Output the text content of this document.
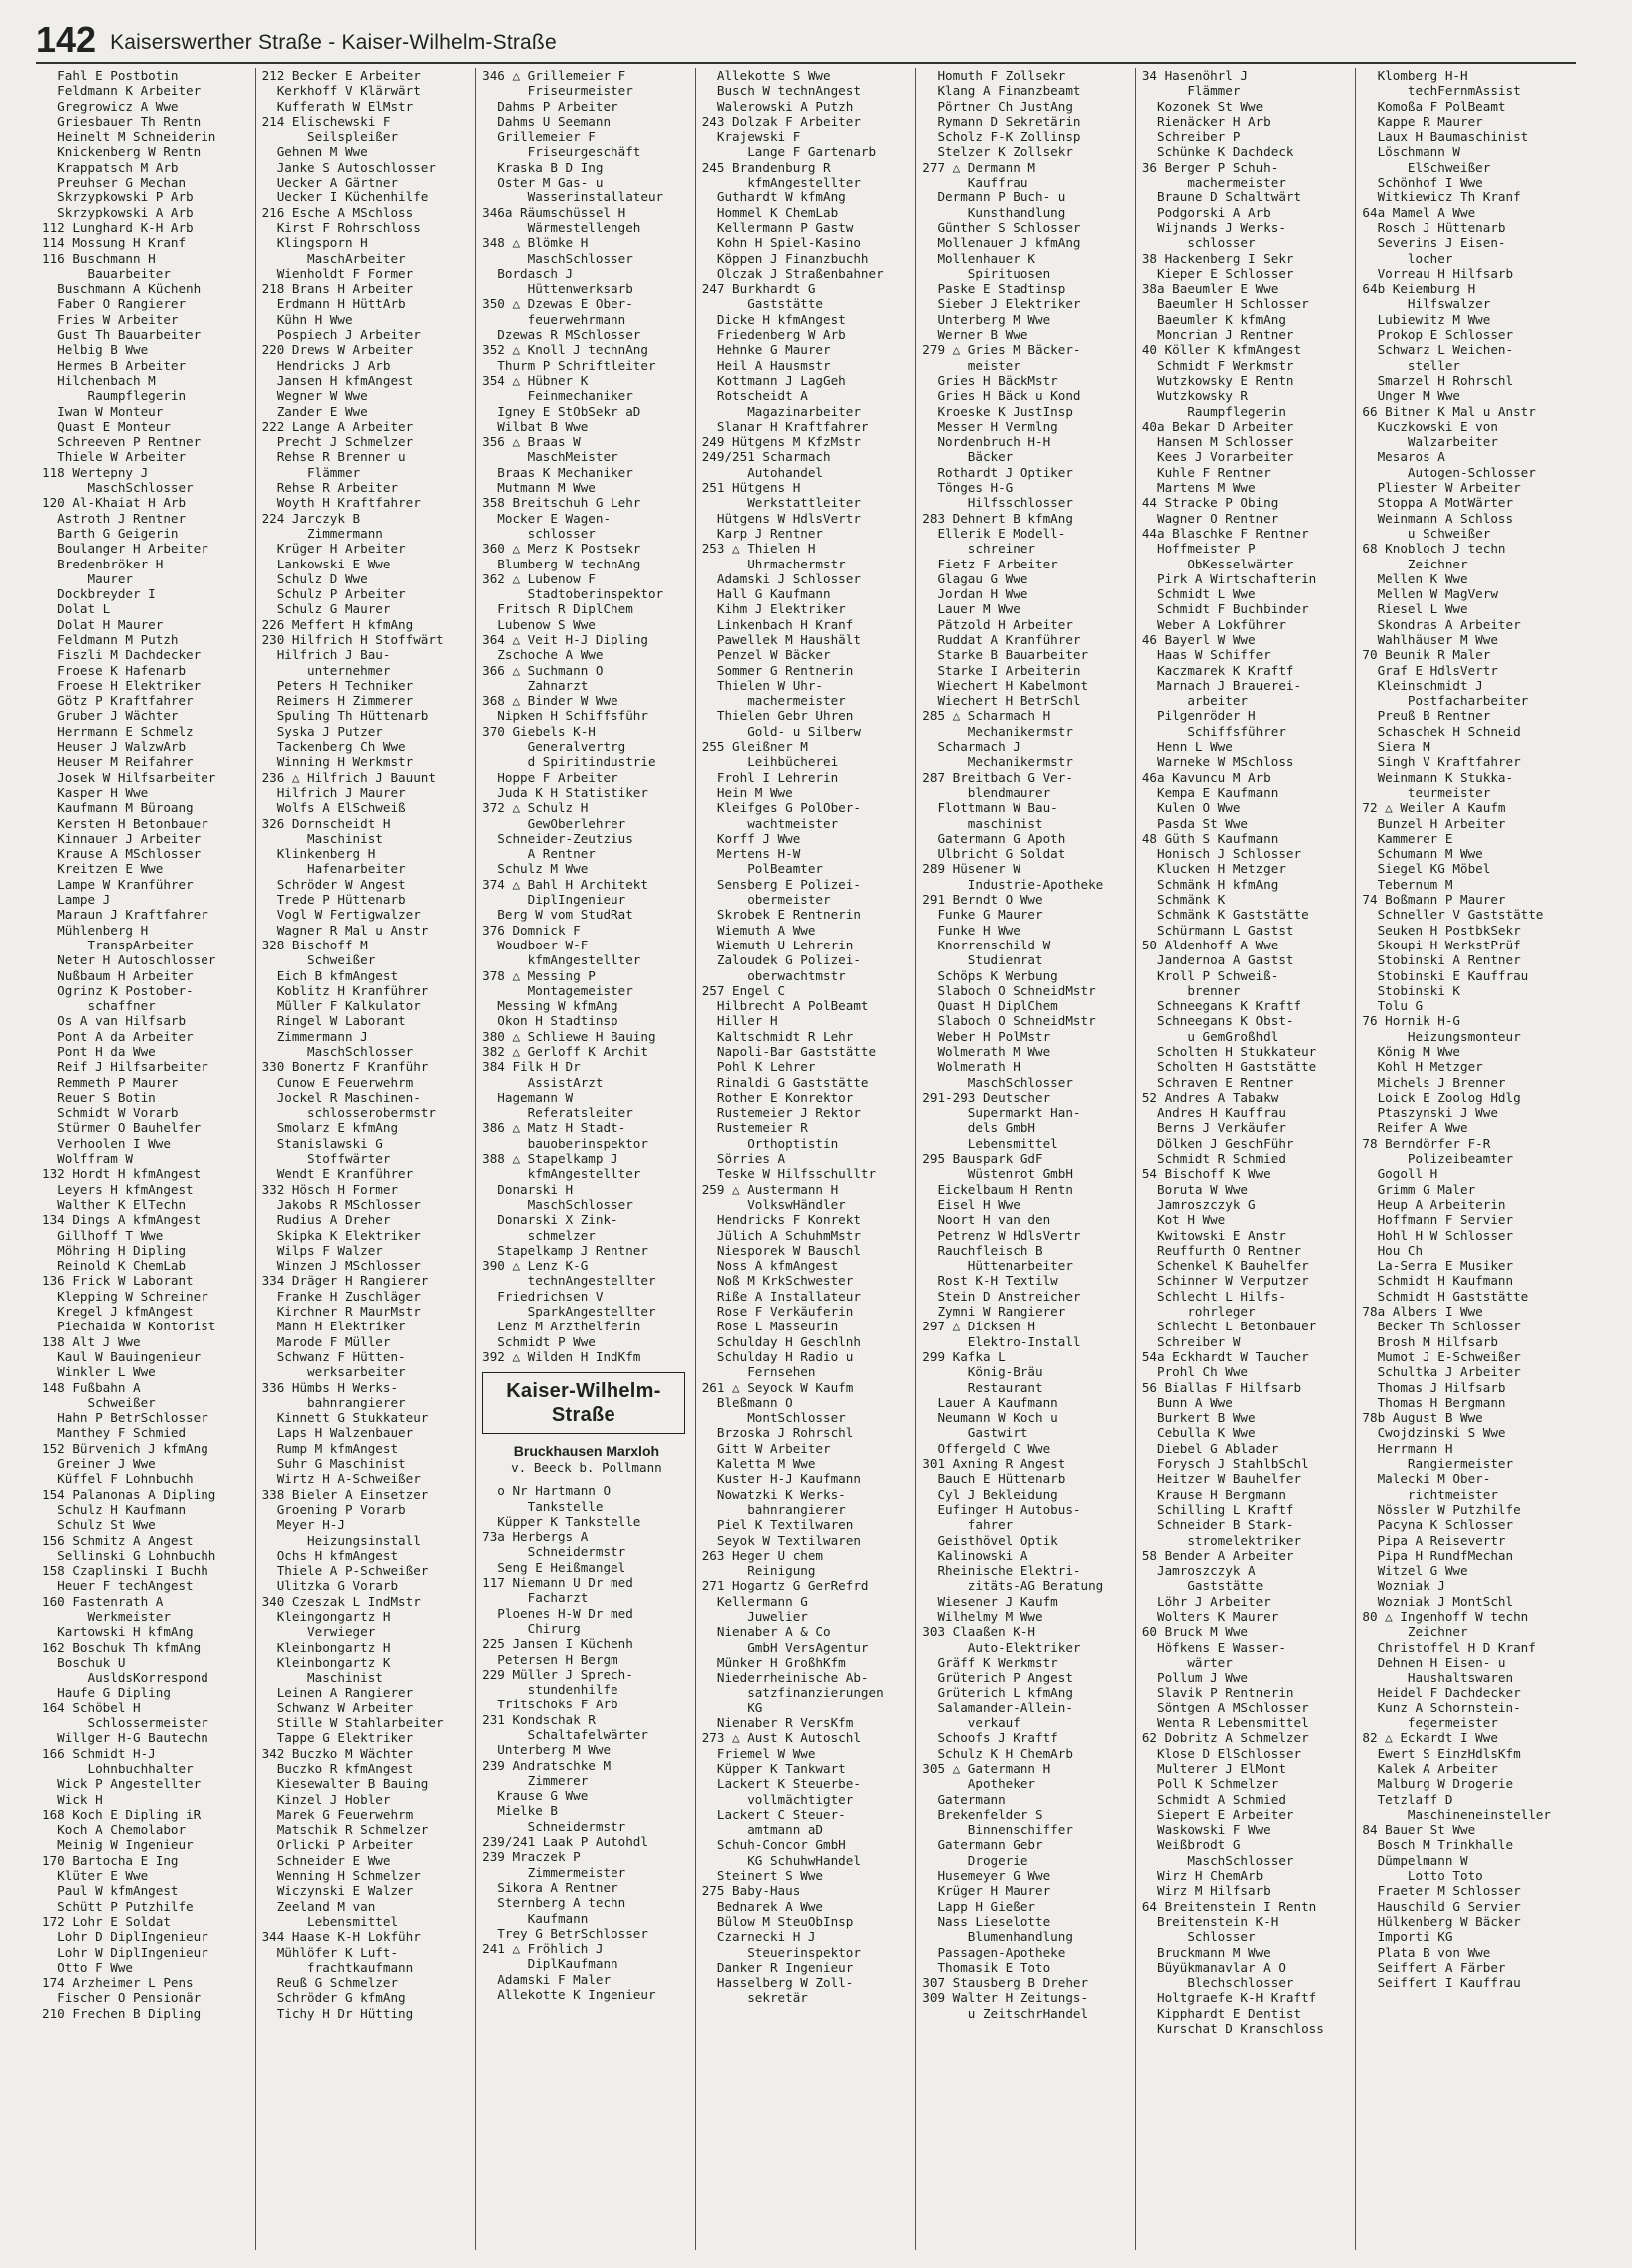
142 Kaiserswerther Straße - Kaiser-Wilhelm-Straße
Fahl E Postbotin
Feldmann K Arbeiter
Gregrowicz A Wwe
Griesbauer Th Rentn
Heinelt M Schneiderin
Knickenberg W Rentn
Krappatsch M Arb
Preuhser G Mechan
Skrzypkowski P Arb
Skrzypkowski A Arb
112 Lunghard K-H Arb
114 Mossung H Kranf
116 Buschmann H
Bauarbeiter
Buschmann A Küchenh
Faber O Rangierer
Fries W Arbeiter
Gust Th Bauarbeiter
Helbig B Wwe
Hermes B Arbeiter
Hilchenbach M
Raumpflegerin
Iwan W Monteur
Quast E Monteur
Schreeven P Rentner
Thiele W Arbeiter
118 Wertepny J
MaschSchlosser
120 Al-Khaiat H Arb
Astroth J Rentner
Barth G Geigerin
Boulanger H Arbeiter
Bredenbröker H
Maurer
Dockbreyder I
Dolat L
Dolat H Maurer
Feldmann M Putzh
Fiszli M Dachdecker
Froese K Hafenarb
Froese H Elektriker
Götz P Kraftfahrer
Gruber J Wächter
Herrmann E Schmelz
Heuser J WalzwArb
Heuser M Reifahrer
Josek W Hilfsarbeiter
Kasper H Wwe
Kaufmann M Büroang
Kersten H Betonbauer
Kinnauer J Arbeiter
Krause A MSchlosser
Kreitzen E Wwe
Lampe W Kranführer
Lampe J
Maraun J Kraftfahrer
Mühlenberg H
TranspArbeiter
Neter H Autoschlosser
Nußbaum H Arbeiter
Ogrinz K Postober-
schaffner
Os A van Hilfsarb
Pont A da Arbeiter
Pont H da Wwe
Reif J Hilfsarbeiter
Remmeth P Maurer
Reuer S Botin
Schmidt W Vorarb
Stürmer O Bauhelfer
Verhoolen I Wwe
Wolffram W
132 Hordt H kfmAngest
Leyers H kfmAngest
Walther K ElTechn
134 Dings A kfmAngest
Gillhoff T Wwe
Möhring H Dipling
Reinold K ChemLab
136 Frick W Laborant
Klepping W Schreiner
Kregel J kfmAngest
Piechaida W Kontorist
138 Alt J Wwe
Kaul W Bauingenieur
Winkler L Wwe
148 Fußbahn A
Schweißer
Hahn P BetrSchlosser
Manthey F Schmied
152 Bürvenich J kfmAng
Greiner J Wwe
Küffel F Lohnbuchh
154 Palanonas A Dipling
Schulz H Kaufmann
Schulz St Wwe
156 Schmitz A Angest
Sellinski G Lohnbuchh
158 Czaplinski I Buchh
Heuer F techAngest
160 Fastenrath A
Werkmeister
Kartowski H kfmAng
162 Boschuk Th kfmAng
Boschuk U
AusldsKorrespond
Haufe G Dipling
164 Schöbel H
Schlossermeister
Willger H-G Bautechn
166 Schmidt H-J
Lohnbuchhalter
Wick P Angestellter
Wick H
168 Koch E Dipling iR
Koch A Chemolabor
Meinig W Ingenieur
170 Bartocha E Ing
Klüter E Wwe
Paul W kfmAngest
Schütt P Putzhilfe
172 Lohr E Soldat
Lohr D DiplIngenieur
Lohr W DiplIngenieur
Otto F Wwe
174 Arzheimer L Pens
Fischer O Pensionär
210 Frechen B Dipling
212 Becker E Arbeiter
Kerkhoff V Klärwärt
Kufferath W ElMstr
214 Elischewski F
Seilspleißer
Gehnen M Wwe
Janke S Autoschlosser
Uecker A Gärtner
Uecker I Küchenhilfe
216 Esche A MSchloss
Kirst F Rohrschloss
Klingsporn H
MaschArbeiter
Wienholdt F Former
218 Brans H Arbeiter
Erdmann H HüttArb
Kühn H Wwe
Pospiech J Arbeiter
220 Drews W Arbeiter
Hendricks J Arb
Jansen H kfmAngest
Wegner W Wwe
Zander E Wwe
222 Lange A Arbeiter
Precht J Schmelzer
Rehse R Brenner u
Flämmer
Rehse R Arbeiter
Woyth H Kraftfahrer
224 Jarczyk B
Zimmermann
Krüger H Arbeiter
Lankowski E Wwe
Schulz D Wwe
Schulz P Arbeiter
Schulz G Maurer
226 Meffert H kfmAng
230 Hilfrich H Stoffwärt
Hilfrich J Bau-
unternehmer
Peters H Techniker
Reimers H Zimmerer
Spuling Th Hüttenarb
Syska J Putzer
Tackenberg Ch Wwe
Winning H Werkmstr
236 △ Hilfrich J Bauunt
Hilfrich J Maurer
Wolfs A ElSchweiß
326 Dornscheidt H
Maschinist
Klinkenberg H
Hafenarbeiter
Schröder W Angest
Trede P Hüttenarb
Vogl W Fertigwalzer
Wagner R Mal u Anstr
328 Bischoff M
Schweißer
Eich B kfmAngest
Koblitz H Kranführer
Müller F Kalkulator
Ringel W Laborant
Zimmermann J
MaschSchlosser
330 Bonertz F Kranführ
Cunow E Feuerwehrm
Jockel R Maschinen-
schlosserobermstr
Smolarz E kfmAng
Stanislawski G
Stoffwärter
Wendt E Kranführer
332 Hösch H Former
Jakobs R MSchlosser
Rudius A Dreher
Skipka K Elektriker
Wilps F Walzer
Winzen J MSchlosser
334 Dräger H Rangierer
Franke H Zuschläger
Kirchner R MaurMstr
Mann H Elektriker
Marode F Müller
Schwanz F Hütten-
werksarbeiter
336 Hümbs H Werks-
bahnrangierer
Kinnett G Stukkateur
Laps H Walzenbauer
Rump M kfmAngest
Suhr G Maschinist
Wirtz H A-Schweißer
338 Bieler A Einsetzer
Groening P Vorarb
Meyer H-J
Heizungsinstall
Ochs H kfmAngest
Thiele A P-Schweißer
Ulitzka G Vorarb
340 Czeszak L IndMstr
Kleingongartz H
Verwieger
Kleinbongartz H
Kleinbongartz K
Maschinist
Leinen A Rangierer
Schwanz W Arbeiter
Stille W Stahlarbeiter
Tappe G Elektriker
342 Buczko M Wächter
Buczko R kfmAngest
Kiesewalter B Bauing
Kinzel J Hobler
Marek G Feuerwehrm
Matschik R Schmelzer
Orlicki P Arbeiter
Schneider E Wwe
Wenning H Schmelzer
Wiczynski E Walzer
Zeeland M van
Lebensmittel
344 Haase K-H Lokführ
Mühlöfer K Luft-
frachtkaufmann
Reuß G Schmelzer
Schröder G kfmAng
Tichy H Dr Hütting
346 △ Grillemeier F
Friseurmeister
Dahms P Arbeiter
Dahms U Seemann
Grillemeier F
Friseurgeschäft
Kraska B D Ing
Oster M Gas- u
Wasserinstallateur
346a Räumschüssel H
Wärmestellengeh
348 △ Blömke H
MaschSchlosser
Bordasch J
Hüttenwerksarb
350 △ Dzewas E Ober-
feuerwehrmann
Dzewas R MSchlosser
352 △ Knoll J technAng
Thurm P Schriftleiter
354 △ Hübner K
Feinmechaniker
Igney E StObSekr aD
Wilbat B Wwe
356 △ Braas W
MaschMeister
Braas K Mechaniker
Mutmann M Wwe
358 Breitschuh G Lehr
Mocker E Wagen-
schlosser
360 △ Merz K Postsekr
Blumberg W technAng
362 △ Lubenow F
Stadtoberinspektor
Fritsch R DiplChem
Lubenow S Wwe
364 △ Veit H-J Dipling
Zschoche A Wwe
366 △ Suchmann O
Zahnarzt
368 △ Binder W Wwe
Nipken H Schiffsführ
370 Giebels K-H
Generalvertrg
d Spiritindustrie
Hoppe F Arbeiter
Juda K H Statistiker
372 △ Schulz H
GewOberlehrer
Schneider-Zeutzius
A Rentner
Schulz M Wwe
374 △ Bahl H Architekt
DiplIngenieur
Berg W vom StudRat
376 Domnick F
Woudboer W-F
kfmAngestellter
378 △ Messing P
Montagemeister
Messing W kfmAng
Okon H Stadtinsp
380 △ Schliewe H Bauing
382 △ Gerloff K Archit
384 Filk H Dr
AssistArzt
Hagemann W
Referatsleiter
386 △ Matz H Stadt-
bauoberinspektor
388 △ Stapelkamp J
kfmAngestellter
Donarski H
MaschSchlosser
Donarski X Zink-
schmelzer
Stapelkamp J Rentner
390 △ Lenz K-G
technAngestellter
Friedrichsen V
SparkAngestellter
Lenz M Arzthelferin
Schmidt P Wwe
392 △ Wilden H IndKfm
Kaiser-Wilhelm-Straße
Bruckhausen Marxloh
v. Beeck b. Pollmann
o Nr Hartmann O
Tankstelle
Küpper K Tankstelle
73a Herbergs A
Schneidermstr
Seng E Heißmangel
117 Niemann U Dr med
Facharzt
Ploenes H-W Dr med
Chirurg
225 Jansen I Küchenh
Petersen H Bergm
229 Müller J Sprech-
stundenhilfe
Tritschoks F Arb
231 Kondschak R
Schaltafelwärter
Unterberg M Wwe
239 Andratschke M
Zimmerer
Krause G Wwe
Mielke B
Schneidermstr
239/241 Laak P Autohdl
239 Mraczek P
Zimmermeister
Sikora A Rentner
Sternberg A techn
Kaufmann
Trey G BetrSchlosser
241 △ Fröhlich J
DiplKaufmann
Adamski F Maler
Allekotte K Ingenieur
Allekotte S Wwe
Busch W technAngest
Walerowski A Putzh
243 Dolzak F Arbeiter
Krajewski F
Lange F Gartenarb
245 Brandenburg R
kfmAngestellter
Guthardt W kfmAng
Hommel K ChemLab
Kellermann P Gastw
Kohn H Spiel-Kasino
Köppen J Finanzbuchh
Olczak J Straßenbahner
247 Burkhardt G
Gaststätte
Dicke H kfmAngest
Friedenberg W Arb
Hehnke G Maurer
Heil A Hausmstr
Kottmann J LagGeh
Rotscheidt A
Magazinarbeiter
Slanar H Kraftfahrer
249 Hütgens M KfzMstr
249/251 Scharmach
Autohandel
251 Hütgens H
Werkstattleiter
Hütgens W HdlsVertr
Karp J Rentner
253 △ Thielen H
Uhrmachermstr
Adamski J Schlosser
Hall G Kaufmann
Kihm J Elektriker
Linkenbach H Kranf
Pawellek M Haushält
Penzel W Bäcker
Sommer G Rentnerin
Thielen W Uhr-
machermeister
Thielen Gebr Uhren
Gold- u Silberw
255 Gleißner M
Leihbücherei
Frohl I Lehrerin
Hein M Wwe
Kleifges G PolOber-
wachtmeister
Korff J Wwe
Mertens H-W
PolBeamter
Sensberg E Polizei-
obermeister
Skrobek E Rentnerin
Wiemuth A Wwe
Wiemuth U Lehrerin
Zaloudek G Polizei-
oberwachtmstr
257 Engel C
Hilbrecht A PolBeamt
Hiller H
Kaltschmidt R Lehr
Napoli-Bar Gaststätte
Pohl K Lehrer
Rinaldi G Gaststätte
Rother E Konrektor
Rustemeier J Rektor
Rustemeier R
Orthoptistin
Sörries A
Teske W Hilfsschulltr
259 △ Austermann H
VolkswHändler
Hendricks F Konrekt
Jülich A SchuhmMstr
Niesporek W Bauschl
Noss A kfmAngest
Noß M KrkSchwester
Riße A Installateur
Rose F Verkäuferin
Rose L Masseurin
Schulday H Geschlnh
Schulday H Radio u
Fernsehen
261 △ Seyock W Kaufm
Bleßmann O
MontSchlosser
Brzoska J Rohrschl
Gitt W Arbeiter
Kaletta M Wwe
Kuster H-J Kaufmann
Nowatzki K Werks-
bahnrangierer
Piel K Textilwaren
Seyok W Textilwaren
263 Heger U chem
Reinigung
271 Hogartz G GerRefrd
Kellermann G
Juwelier
Nienaber A & Co
GmbH VersAgentur
Münker H GroßhKfm
Niederrheinische Ab-
satzfinanzierungen
KG
Nienaber R VersKfm
273 △ Aust K Autoschl
Friemel W Wwe
Küpper K Tankwart
Lackert K Steuerbe-
vollmächtigter
Lackert C Steuer-
amtmann aD
Schuh-Concor GmbH
KG SchuhwHandel
Steinert S Wwe
275 Baby-Haus
Bednarek A Wwe
Bülow M SteuObInsp
Czarnecki H J
Steuerinspektor
Danker R Ingenieur
Hasselberg W Zoll-
sekretär
Homuth F Zollsekr
Klang A Finanzbeamt
Pörtner Ch JustAng
Rymann D Sekretärin
Scholz F-K Zollinsp
Stelzer K Zollsekr
277 △ Dermann M
Kauffrau
Dermann P Buch- u
Kunsthandlung
Günther S Schlosser
Mollenauer J kfmAng
Mollenhauer K
Spirituosen
Paske E Stadtinsp
Sieber J Elektriker
Unterberg M Wwe
Werner B Wwe
279 △ Gries M Bäcker-
meister
Gries H BäckMstr
Gries H Bäck u Kond
Kroeske K JustInsp
Messer H Vermlng
Nordenbruch H-H
Bäcker
Rothardt J Optiker
Tönges H-G
Hilfsschlosser
283 Dehnert B kfmAng
Ellerik E Modell-
schreiner
Fietz F Arbeiter
Glagau G Wwe
Jordan H Wwe
Lauer M Wwe
Pätzold H Arbeiter
Ruddat A Kranführer
Starke B Bauarbeiter
Starke I Arbeiterin
Wiechert H Kabelmont
Wiechert H BetrSchl
285 △ Scharmach H
Mechanikermstr
Scharmach J
Mechanikermstr
287 Breitbach G Ver-
blendmaurer
Flottmann W Bau-
maschinist
Gatermann G Apoth
Ulbricht G Soldat
289 Hüsener W
Industrie-Apotheke
291 Berndt O Wwe
Funke G Maurer
Funke H Wwe
Knorrenschild W
Studienrat
Schöps K Werbung
Slaboch O SchneidMstr
Quast H DiplChem
Slaboch O SchneidMstr
Weber H PolMstr
Wolmerath M Wwe
Wolmerath H
MaschSchlosser
291-293 Deutscher
Supermarkt Han-
dels GmbH
Lebensmittel
295 Bauspark GdF
Wüstenrot GmbH
Eickelbaum H Rentn
Eisel H Wwe
Noort H van den
Petrenz W HdlsVertr
Rauchfleisch B
Hüttenarbeiter
Rost K-H Textilw
Stein D Anstreicher
Zymni W Rangierer
297 △ Dicksen H
Elektro-Install
299 Kafka L
König-Bräu
Restaurant
Lauer A Kaufmann
Neumann W Koch u
Gastwirt
Offergeld C Wwe
301 Axning R Angest
Bauch E Hüttenarb
Cyl J Bekleidung
Eufinger H Autobus-
fahrer
Geisthövel Optik
Kalinowski A
Rheinische Elektri-
zitäts-AG Beratung
Wiesener J Kaufm
Wilhelmy M Wwe
303 Claaßen K-H
Auto-Elektriker
Gräff K Werkmstr
Grüterich P Angest
Grüterich L kfmAng
Salamander-Allein-
verkauf
Schoofs J Kraftf
Schulz K H ChemArb
305 △ Gatermann H
Apotheker
Gatermann
Brekenfelder S
Binnenschiffer
Gatermann Gebr
Drogerie
Husemeyer G Wwe
Krüger H Maurer
Lapp H Gießer
Nass Lieselotte
Blumenhandlung
Passagen-Apotheke
Thomasik E Toto
307 Stausberg B Dreher
309 Walter H Zeitungs-
u ZeitschrHandel
34 Hasenöhrl J
Flämmer
Kozonek St Wwe
Rienäcker H Arb
Schreiber P
Schünke K Dachdeck
36 Berger P Schuh-
machermeister
Braune D Schaltwärt
Podgorski A Arb
Wijnands J Werks-
schlosser
38 Hackenberg I Sekr
Kieper E Schlosser
38a Baeumler E Wwe
Baeumler H Schlosser
Baeumler K kfmAng
Moncrian J Rentner
40 Köller K kfmAngest
Schmidt F Werkmstr
Wutzkowsky E Rentn
Wutzkowsky R
Raumpflegerin
40a Bekar D Arbeiter
Hansen M Schlosser
Kees J Vorarbeiter
Kuhle F Rentner
Martens M Wwe
44 Stracke P Obing
Wagner O Rentner
44a Blaschke F Rentner
Hoffmeister P
ObKesselwärter
Pirk A Wirtschafterin
Schmidt L Wwe
Schmidt F Buchbinder
Weber A Lokführer
46 Bayerl W Wwe
Haas W Schiffer
Kaczmarek K Kraftf
Marnach J Brauerei-
arbeiter
Pilgenröder H
Schiffsführer
Henn L Wwe
Warneke W MSchloss
46a Kavuncu M Arb
Kempa E Kaufmann
Kulen O Wwe
Pasda St Wwe
48 Güth S Kaufmann
Honisch J Schlosser
Klucken H Metzger
Schmänk H kfmAng
Schmänk K
Schmänk K Gaststätte
Schürmann L Gastst
50 Aldenhoff A Wwe
Jandernoa A Gastst
Kroll P Schweiß-
brenner
Schneegans K Kraftf
Schneegans K Obst-
u GemGroßhdl
Scholten H Stukkateur
Scholten H Gaststätte
Schraven E Rentner
52 Andres A Tabakw
Andres H Kauffrau
Berns J Verkäufer
Dölken J GeschFühr
Schmidt R Schmied
54 Bischoff K Wwe
Boruta W Wwe
Jamroszczyk G
Kot H Wwe
Kwitowski E Anstr
Reuffurth O Rentner
Schenkel K Bauhelfer
Schinner W Verputzer
Schlecht L Hilfs-
rohrleger
Schlecht L Betonbauer
Schreiber W
54a Eckhardt W Taucher
Prohl Ch Wwe
56 Biallas F Hilfsarb
Bunn A Wwe
Burkert B Wwe
Cebulla K Wwe
Diebel G Ablader
Forysch J StahlbSchl
Heitzer W Bauhelfer
Krause H Bergmann
Schilling L Kraftf
Schneider B Stark-
stromelektriker
58 Bender A Arbeiter
Jamroszczyk A
Gaststätte
Löhr J Arbeiter
Wolters K Maurer
60 Bruck M Wwe
Höfkens E Wasser-
wärter
Pollum J Wwe
Slavik P Rentnerin
Söntgen A MSchlosser
Wenta R Lebensmittel
62 Dobritz A Schmelzer
Klose D ElSchlosser
Multerer J ElMont
Poll K Schmelzer
Schmidt A Schmied
Siepert E Arbeiter
Waskowski F Wwe
Weißbrodt G
MaschSchlosser
Wirz H ChemArb
Wirz M Hilfsarb
64 Breitenstein I Rentn
Breitenstein K-H
Schlosser
Bruckmann M Wwe
Büyükmanavlar A O
Blechschlosser
Holtgraefe K-H Kraftf
Kipphardt E Dentist
Kurschat D Kranschloss
Klomberg H-H
techFernmAssist
Komoßa F PolBeamt
Kappe R Maurer
Laux H Baumaschinist
Löschmann W
ElSchweißer
Schönhof I Wwe
Witkiewicz Th Kranf
64a Mamel A Wwe
Rosch J Hüttenarb
Severins J Eisen-
locher
Vorreau H Hilfsarb
64b Keiemburg H
Hilfswalzer
Lubiewitz M Wwe
Prokop E Schlosser
Schwarz L Weichen-
steller
Smarzel H Rohrschl
Unger M Wwe
66 Bitner K Mal u Anstr
Kuczkowski E von
Walzarbeiter
Mesaros A
Autogen-Schlosser
Pliester W Arbeiter
Stoppa A MotWärter
Weinmann A Schloss
u Schweißer
68 Knobloch J techn
Zeichner
Mellen K Wwe
Mellen W MagVerw
Riesel L Wwe
Skondras A Arbeiter
Wahlhäuser M Wwe
70 Beunik R Maler
Graf E HdlsVertr
Kleinschmidt J
Postfacharbeiter
Preuß B Rentner
Schaschek H Schneid
Siera M
Singh V Kraftfahrer
Weinmann K Stukka-
teurmeister
72 △ Weiler A Kaufm
Bunzel H Arbeiter
Kammerer E
Schumann M Wwe
Siegel KG Möbel
Tebernum M
74 Boßmann P Maurer
Schneller V Gaststätte
Seuken H PostbkSekr
Skoupi H WerkstPrüf
Stobinski A Rentner
Stobinski E Kauffrau
Stobinski K
Tolu G
76 Hornik H-G
Heizungsmonteur
König M Wwe
Kohl H Metzger
Michels J Brenner
Loick E Zoolog Hdlg
Ptaszynski J Wwe
Reifer A Wwe
78 Berndörfer F-R
Polizeibeamter
Gogoll H
Grimm G Maler
Heup A Arbeiterin
Hoffmann F Servier
Hohl H W Schlosser
Hou Ch
La-Serra E Musiker
Schmidt H Kaufmann
Schmidt H Gaststätte
78a Albers I Wwe
Becker Th Schlosser
Brosh M Hilfsarb
Mumot J E-Schweißer
Schultka J Arbeiter
Thomas J Hilfsarb
Thomas H Bergmann
78b August B Wwe
Cwojdzinski S Wwe
Herrmann H
Rangiermeister
Malecki M Ober-
richtmeister
Nössler W Putzhilfe
Pacyna K Schlosser
Pipa A Reisevertr
Pipa H RundfMechan
Witzel G Wwe
Wozniak J
Wozniak J MontSchl
80 △ Ingenhoff W techn
Zeichner
Christoffel H D Kranf
Dehnen H Eisen- u
Haushaltswaren
Heidel F Dachdecker
Kunz A Schornstein-
fegermeister
82 △ Eckardt I Wwe
Ewert S EinzHdlsKfm
Kalek A Arbeiter
Malburg W Drogerie
Tetzlaff D
Maschineneinsteller
84 Bauer St Wwe
Bosch M Trinkhalle
Dümpelmann W
Lotto Toto
Fraeter M Schlosser
Hauschild G Servier
Hülkenberg W Bäcker
Importi KG
Plata B von Wwe
Seiffert A Färber
Seiffert I Kauffrau
